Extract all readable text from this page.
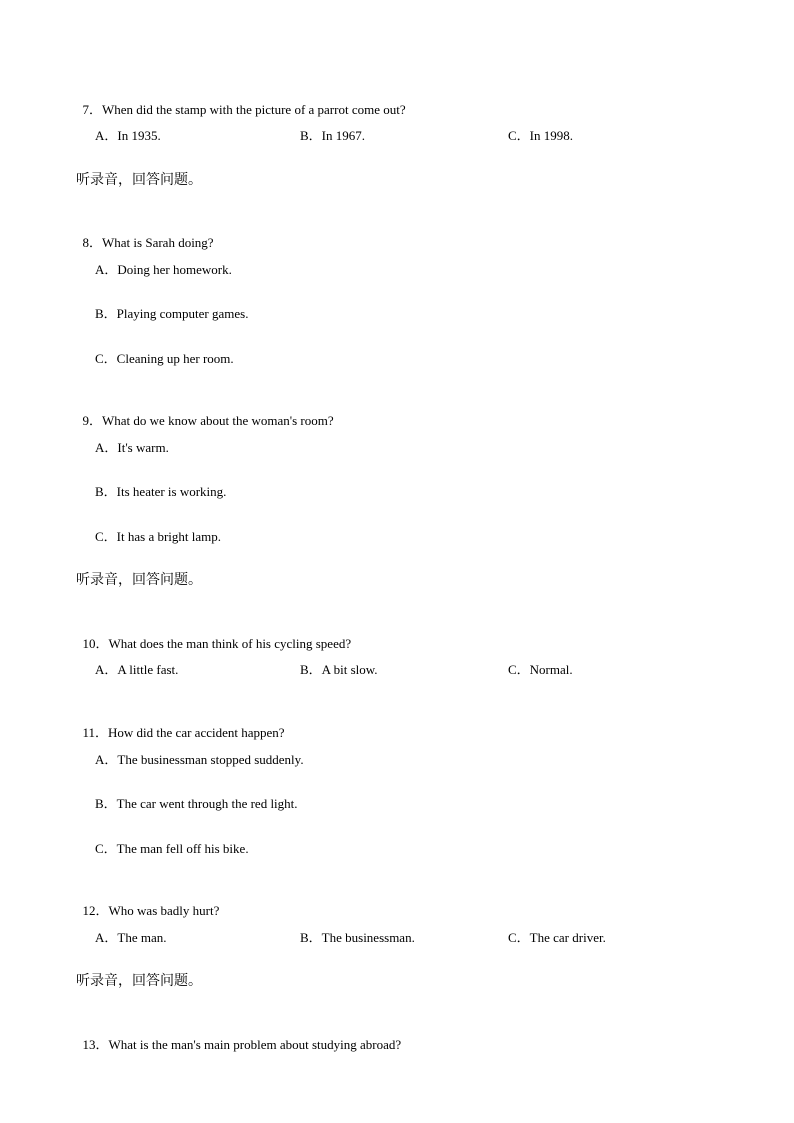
7．When did the stamp with the picture of a parrot come out?

A．In 1935.	B．In 1967.	C．In 1998.
听录音，回答问题。

8．What is Sarah doing?

A．Doing her homework.
B．Playing computer games.
C．Cleaning up her room.

9．What do we know about the woman's room?

A．It's warm.
B．Its heater is working.
C．It has a bright lamp.
听录音，回答问题。

10．What does the man think of his cycling speed?

A．A little fast.	B．A bit slow.	C．Normal.

11．How did the car accident happen?

A．The businessman stopped suddenly.
B．The car went through the red light.
C．The man fell off his bike.

12．Who was badly hurt?

A．The man.	B．The businessman.	C．The car driver.
听录音，回答问题。

13．What is the man's main problem about studying abroad?
